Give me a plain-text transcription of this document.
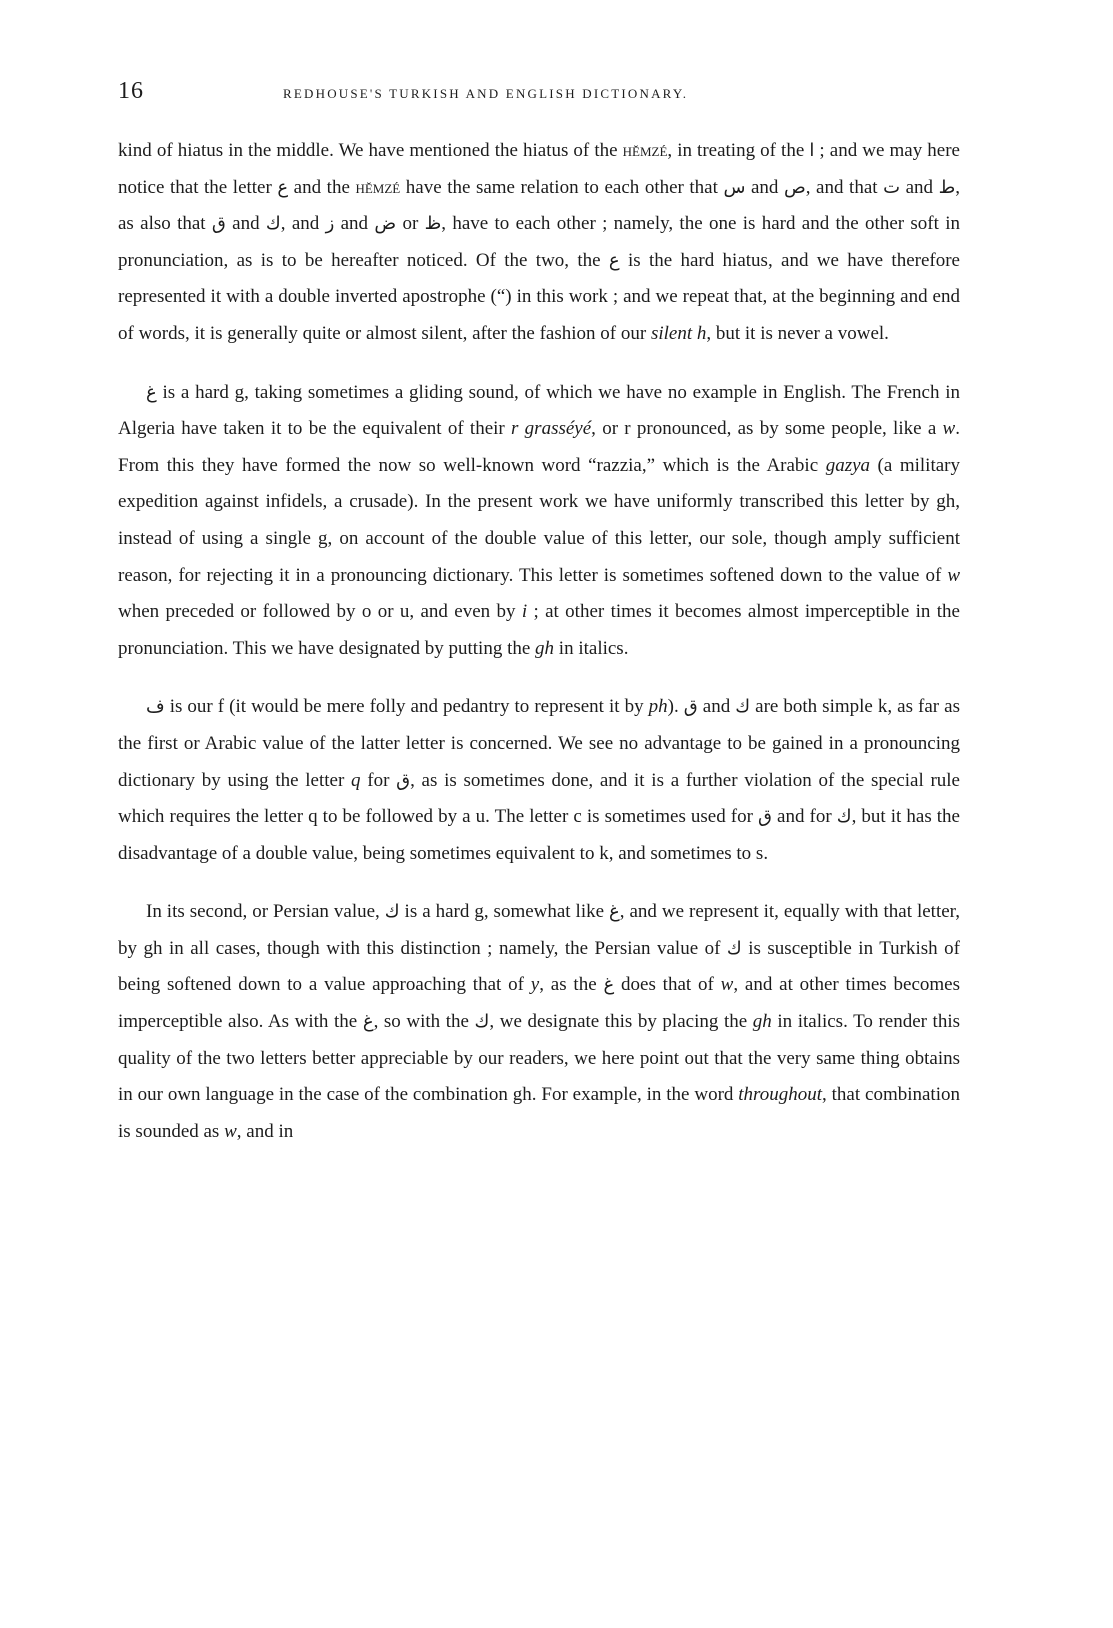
16	REDHOUSE'S TURKISH AND ENGLISH DICTIONARY.

kind of hiatus in the middle. We have mentioned the hiatus of the hĕmzé, in treating of the ا ; and we may here notice that the letter ع and the hĕmzé have the same relation to each other that س and ص, and that ت and ط, as also that ق and ك, and ز and ض or ظ, have to each other ; namely, the one is hard and the other soft in pronunciation, as is to be hereafter noticed. Of the two, the ع is the hard hiatus, and we have therefore represented it with a double inverted apostrophe (“) in this work ; and we repeat that, at the beginning and end of words, it is generally quite or almost silent, after the fashion of our silent h, but it is never a vowel.

غ is a hard g, taking sometimes a gliding sound, of which we have no example in English. The French in Algeria have taken it to be the equivalent of their r grasséyé, or r pronounced, as by some people, like a w. From this they have formed the now so well-known word “razzia,” which is the Arabic gazya (a military expedition against infidels, a crusade). In the present work we have uniformly transcribed this letter by gh, instead of using a single g, on account of the double value of this letter, our sole, though amply sufficient reason, for rejecting it in a pronouncing dictionary. This letter is sometimes softened down to the value of w when preceded or followed by o or u, and even by i ; at other times it becomes almost imperceptible in the pronunciation. This we have designated by putting the gh in italics.

ف is our f (it would be mere folly and pedantry to represent it by ph). ق and ك are both simple k, as far as the first or Arabic value of the latter letter is concerned. We see no advantage to be gained in a pronouncing dictionary by using the letter q for ق, as is sometimes done, and it is a further violation of the special rule which requires the letter q to be followed by a u. The letter c is sometimes used for ق and for ك, but it has the disadvantage of a double value, being sometimes equivalent to k, and sometimes to s.

In its second, or Persian value, ك is a hard g, somewhat like غ, and we represent it, equally with that letter, by gh in all cases, though with this distinction ; namely, the Persian value of ك is susceptible in Turkish of being softened down to a value approaching that of y, as the غ does that of w, and at other times becomes imperceptible also. As with the غ, so with the ك, we designate this by placing the gh in italics. To render this quality of the two letters better appreciable by our readers, we here point out that the very same thing obtains in our own language in the case of the combination gh. For example, in the word throughout, that combination is sounded as w, and in
